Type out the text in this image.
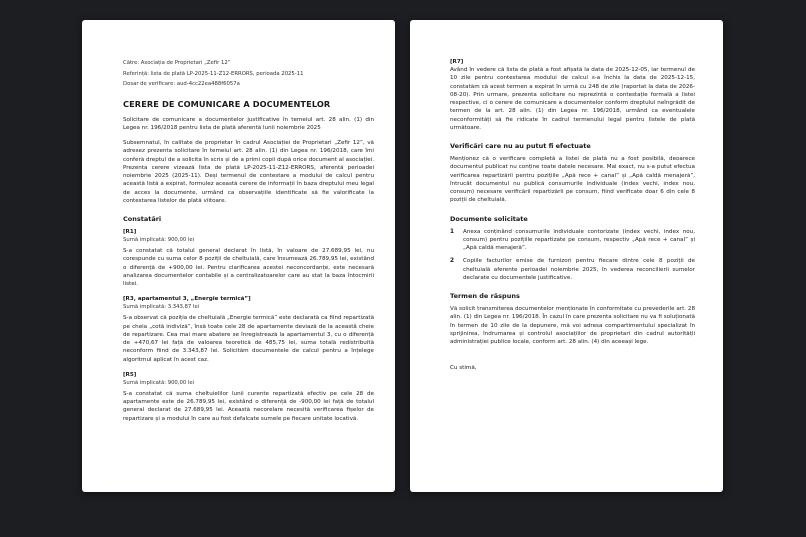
Către: Asociația de Proprietari „Zefir 12”
Referință: lista de plată LP-2025-11-Z12-ERRORS, perioada 2025-11
Dosar de verificare: aud-4cc22ea488f6057a
CERERE DE COMUNICARE A DOCUMENTELOR

Solicitare de comunicare a documentelor justificative în temeiul art. 28 alin. (1) din Legea nr. 196/2018 pentru lista de plată aferentă lunii noiembrie 2025

Subsemnatul, în calitate de proprietar în cadrul Asociației de Proprietari „Zefir 12”, vă adresez prezenta solicitare în temeiul art. 28 alin. (1) din Legea nr. 196/2018, care îmi conferă dreptul de a solicita în scris și de a primi copii după orice document al asociației. Prezenta cerere vizează lista de plată LP-2025-11-Z12-ERRORS, aferentă perioadei noiembrie 2025 (2025-11). Deși termenul de contestare a modului de calcul pentru această listă a expirat, formulez această cerere de informații în baza dreptului meu legal de acces la documente, urmând ca observațiile identificate să fie valorificate la contestarea listelor de plată viitoare.

Constatări
[R1]
Sumă implicată: 900,00 lei

S-a constatat că totalul general declarat în listă, în valoare de 27.689,95 lei, nu corespunde cu suma celor 8 poziții de cheltuială, care însumează 26.789,95 lei, existând o diferență de +900,00 lei. Pentru clarificarea acestei neconcordanțe, este necesară analizarea documentelor contabile și a centralizatoarelor care au stat la baza întocmirii listei.

[R3, apartamentul 3, „Energie termică”]
Sumă implicată: 3.343,87 lei

S-a observat că poziția de cheltuială „Energie termică” este declarată ca fiind repartizată pe cheia „cotă indiviză”, însă toate cele 28 de apartamente deviază de la aceastǎ cheie de repartizare. Cea mai mare abatere se înregistrează la apartamentul 3, cu o diferență de +470,67 lei față de valoarea teoretică de 485,75 lei, suma totală redistribuită neconform fiind de 3.343,87 lei. Solicităm documentele de calcul pentru a înțelege algoritmul aplicat în acest caz.

[R5]
Sumă implicată: 900,00 lei

S-a constatat că suma cheltuielilor lunii curente repartizată efectiv pe cele 28 de apartamente este de 26.789,95 lei, existând o diferență de -900,00 lei față de totalul general declarat de 27.689,95 lei. Această necorelare necesită verificarea fișelor de repartizare și a modului în care au fost defalcate sumele pe fiecare unitate locativă.

[R7]

Având în vedere că lista de plată a fost afișată la data de 2025-12-05, iar termenul de 10 zile pentru contestarea modului de calcul s-a închis la data de 2025-12-15, constatăm că acest termen a expirat în urmă cu 248 de zile (raportat la data de 2026-08-20). Prin urmare, prezenta solicitare nu reprezintă o contestație formală a listei respective, ci o cerere de comunicare a documentelor conform dreptului neîngrădit de termen de la art. 28 alin. (1) din Legea nr. 196/2018, urmând ca eventualele neconformități să fie ridicate în cadrul termenului legal pentru listele de plată următoare.

Verificări care nu au putut fi efectuate

Menționez că o verificare completă a listei de plată nu a fost posibilă, deoarece documentul publicat nu conține toate datele necesare. Mai exact, nu s-a putut efectua verificarea repartizării pentru pozițiile „Apă rece + canal” și „Apă caldă menajeră”, întrucât documentul nu publică consumurile individuale (index vechi, index nou, consum) necesare verificării repartizării pe consum, fiind verificate doar 6 din cele 8 poziții de cheltuială.

Documente solicitate
1	Anexa conținând consumurile individuale contorizate (index vechi, index nou, consum) pentru pozițiile repartizate pe consum, respectiv „Apă rece + canal” și „Apă caldă menajeră”.

2	Copiile facturilor emise de furnizori pentru fiecare dintre cele 8 poziții de cheltuială aferente perioadei noiembrie 2025, în vederea reconcilierii sumelor declarate cu documentele justificative.

Termen de răspuns

Vă solicit transmiterea documentelor menționate în conformitate cu prevederile art. 28 alin. (1) din Legea nr. 196/2018. În cazul în care prezenta solicitare nu va fi soluționată în termen de 10 zile de la depunere, mă voi adresa compartimentului specializat în sprijinirea, îndrumarea și controlul asociațiilor de proprietari din cadrul autorității administrației publice locale, conform art. 28 alin. (4) din aceeași lege.

Cu stimă,
